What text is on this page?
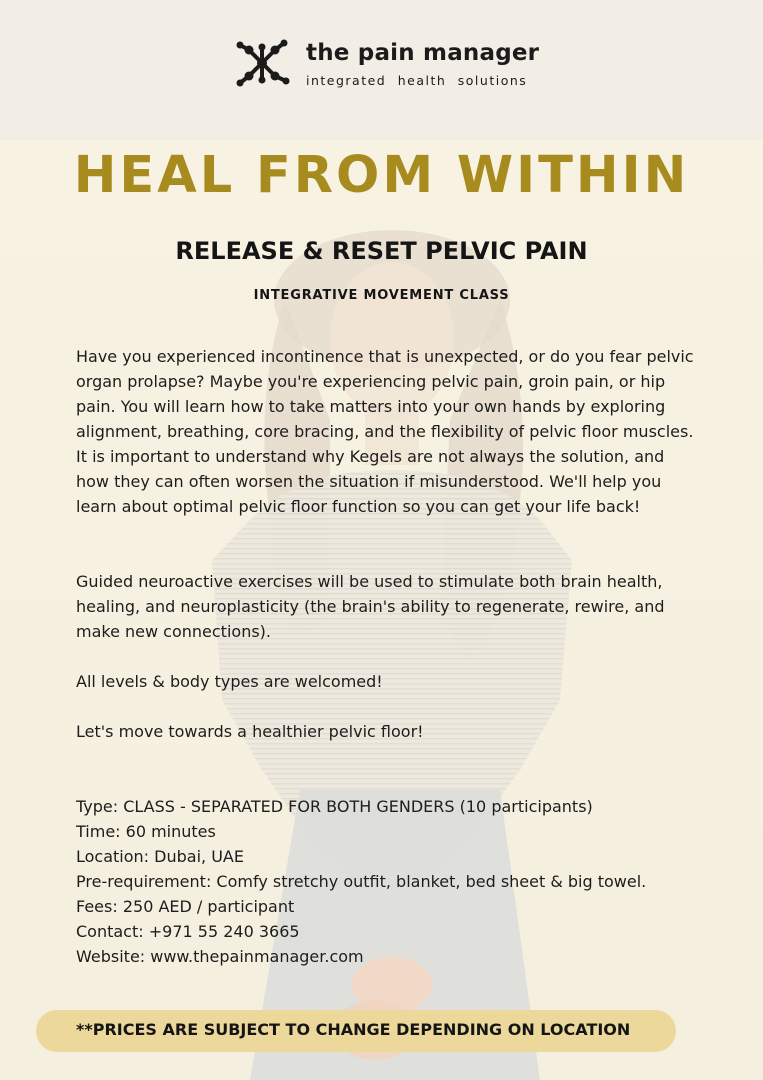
the pain manager
integrated health solutions
HEAL FROM WITHIN
RELEASE & RESET PELVIC PAIN
INTEGRATIVE MOVEMENT CLASS
Have you experienced incontinence that is unexpected, or do you fear pelvic organ prolapse? Maybe you're experiencing pelvic pain, groin pain, or hip pain. You will learn how to take matters into your own hands by exploring alignment, breathing, core bracing, and the flexibility of pelvic floor muscles. It is important to understand why Kegels are not always the solution, and how they can often worsen the situation if misunderstood. We'll help you learn about optimal pelvic floor function so you can get your life back!
Guided neuroactive exercises will be used to stimulate both brain health, healing, and neuroplasticity (the brain's ability to regenerate, rewire, and make new connections).
All levels & body types are welcomed!
Let's move towards a healthier pelvic floor!
Type: CLASS - SEPARATED FOR BOTH GENDERS (10 participants)
Time: 60 minutes
Location: Dubai, UAE
Pre-requirement: Comfy stretchy outfit, blanket, bed sheet & big towel.
Fees: 250 AED / participant
Contact: +971 55 240 3665
Website: www.thepainmanager.com
**PRICES ARE SUBJECT TO CHANGE DEPENDING ON LOCATION
